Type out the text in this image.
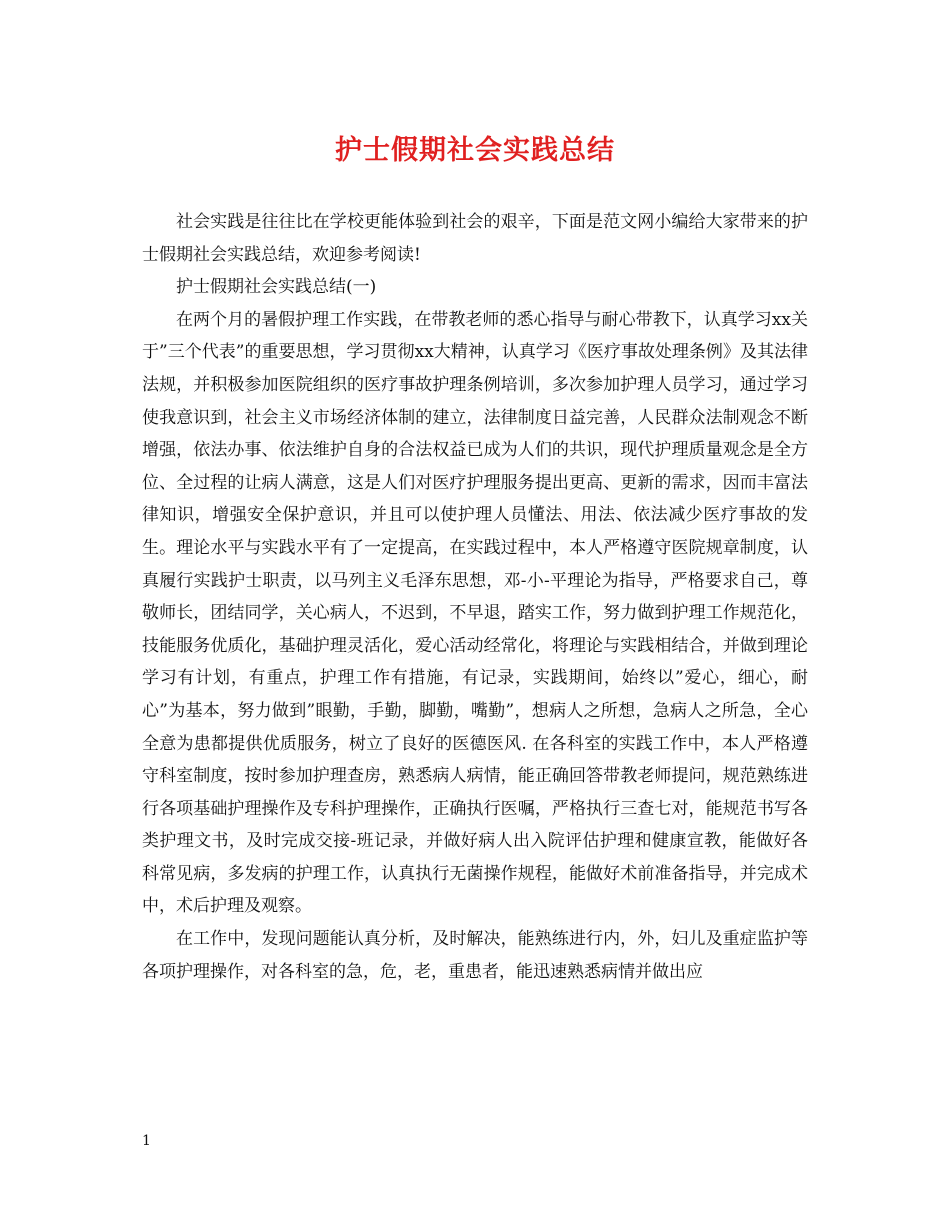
护士假期社会实践总结

社会实践是往往比在学校更能体验到社会的艰辛，下面是范文网小编给大家带来的护士假期社会实践总结，欢迎参考阅读!

护士假期社会实践总结(一)

在两个月的暑假护理工作实践，在带教老师的悉心指导与耐心带教下，认真学习xx关于”三个代表”的重要思想，学习贯彻xx大精神，认真学习《医疗事故处理条例》及其法律法规，并积极参加医院组织的医疗事故护理条例培训，多次参加护理人员学习，通过学习使我意识到，社会主义市场经济体制的建立，法律制度日益完善，人民群众法制观念不断增强，依法办事、依法维护自身的合法权益已成为人们的共识，现代护理质量观念是全方位、全过程的让病人满意，这是人们对医疗护理服务提出更高、更新的需求，因而丰富法律知识，增强安全保护意识，并且可以使护理人员懂法、用法、依法减少医疗事故的发生。理论水平与实践水平有了一定提高，在实践过程中，本人严格遵守医院规章制度，认真履行实践护士职责，以马列主义毛泽东思想，邓-小-平理论为指导，严格要求自己，尊敬师长，团结同学，关心病人，不迟到，不早退，踏实工作，努力做到护理工作规范化，技能服务优质化，基础护理灵活化，爱心活动经常化，将理论与实践相结合，并做到理论学习有计划，有重点，护理工作有措施，有记录，实践期间，始终以”爱心，细心，耐心”为基本，努力做到”眼勤，手勤，脚勤，嘴勤”，想病人之所想，急病人之所急，全心全意为患都提供优质服务，树立了良好的医德医风. 在各科室的实践工作中，本人严格遵守科室制度，按时参加护理查房，熟悉病人病情，能正确回答带教老师提问，规范熟练进行各项基础护理操作及专科护理操作，正确执行医嘱，严格执行三查七对，能规范书写各类护理文书，及时完成交接-班记录，并做好病人出入院评估护理和健康宣教，能做好各科常见病，多发病的护理工作，认真执行无菌操作规程，能做好术前准备指导，并完成术中，术后护理及观察。

在工作中，发现问题能认真分析，及时解决，能熟练进行内，外，妇儿及重症监护等各项护理操作，对各科室的急，危，老，重患者，能迅速熟悉病情并做出应

1
